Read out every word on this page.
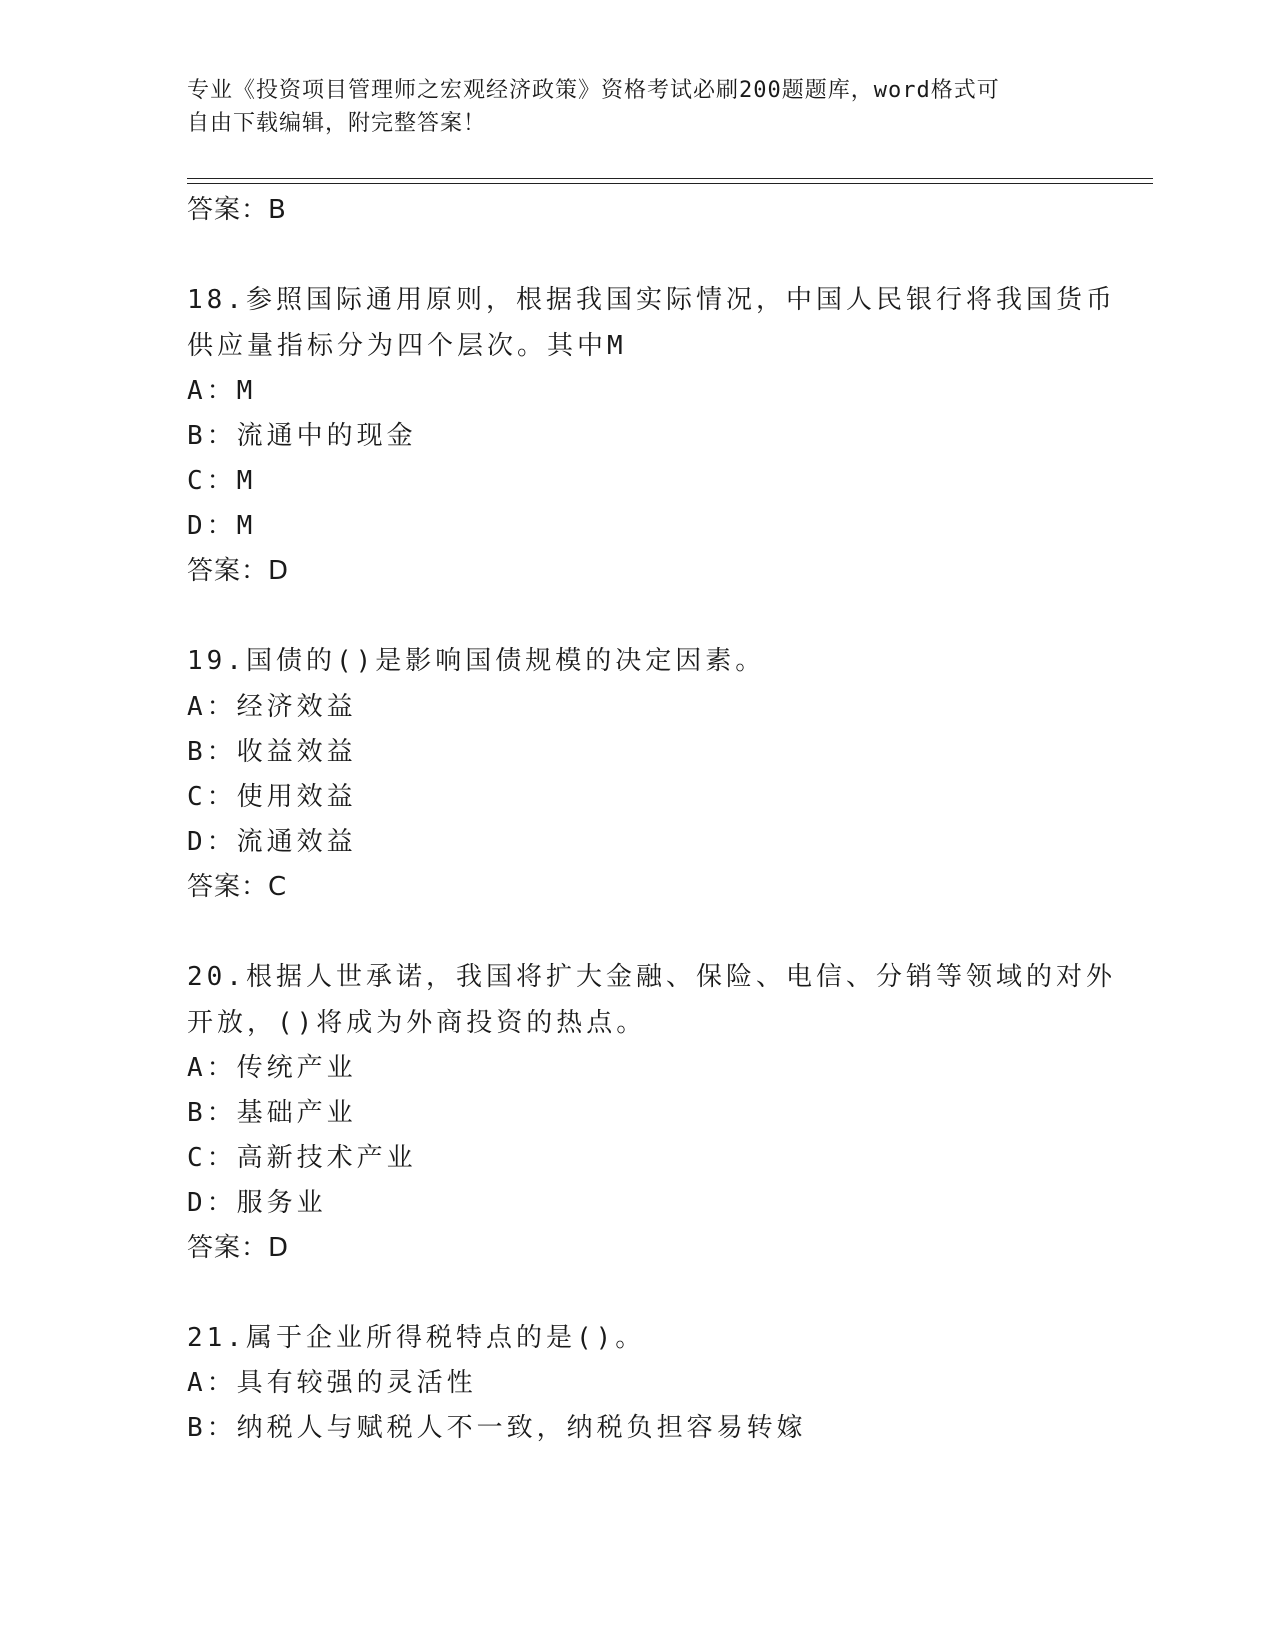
专业《投资项目管理师之宏观经济政策》资格考试必刷200题题库，word格式可
自由下载编辑，附完整答案！
答案：B
18.参照国际通用原则，根据我国实际情况，中国人民银行将我国货币
供应量指标分为四个层次。其中M
A：M
B：流通中的现金
C：M
D：M
答案：D
19.国债的()是影响国债规模的决定因素。
A：经济效益
B：收益效益
C：使用效益
D：流通效益
答案：C
20.根据人世承诺，我国将扩大金融、保险、电信、分销等领域的对外
开放，()将成为外商投资的热点。
A：传统产业
B：基础产业
C：高新技术产业
D：服务业
答案：D
21.属于企业所得税特点的是()。
A：具有较强的灵活性
B：纳税人与赋税人不一致，纳税负担容易转嫁
